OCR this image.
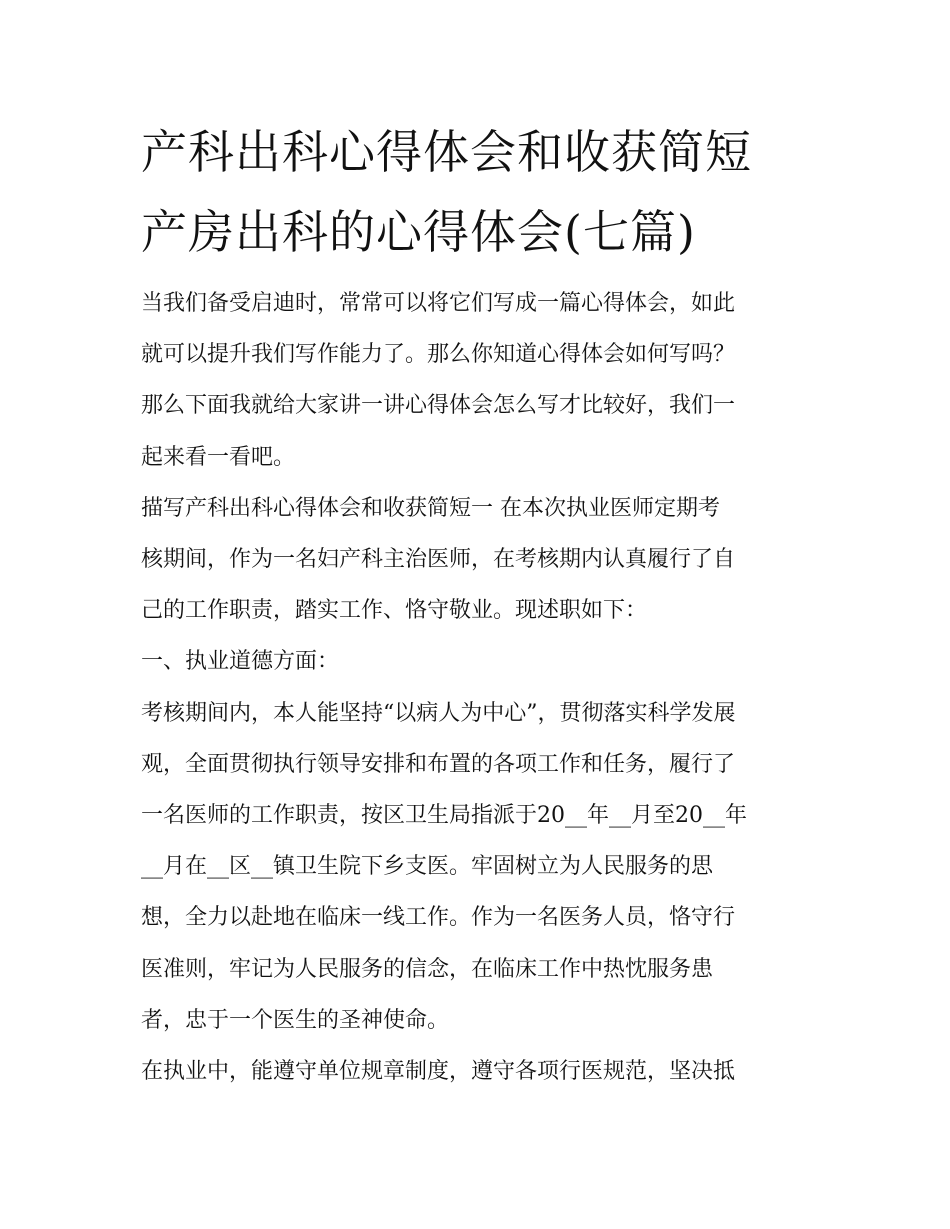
产科出科心得体会和收获简短
产房出科的心得体会(七篇)
当我们备受启迪时，常常可以将它们写成一篇心得体会，如此
就可以提升我们写作能力了。那么你知道心得体会如何写吗？
那么下面我就给大家讲一讲心得体会怎么写才比较好，我们一
起来看一看吧。
描写产科出科心得体会和收获简短一 在本次执业医师定期考
核期间，作为一名妇产科主治医师，在考核期内认真履行了自
己的工作职责，踏实工作、恪守敬业。现述职如下：
一、执业道德方面：
考核期间内，本人能坚持“以病人为中心”，贯彻落实科学发展
观，全面贯彻执行领导安排和布置的各项工作和任务，履行了
一名医师的工作职责，按区卫生局指派于20__年__月至20__年
__月在__区__镇卫生院下乡支医。牢固树立为人民服务的思
想，全力以赴地在临床一线工作。作为一名医务人员，恪守行
医准则，牢记为人民服务的信念，在临床工作中热忱服务患
者，忠于一个医生的圣神使命。
在执业中，能遵守单位规章制度，遵守各项行医规范，坚决抵
